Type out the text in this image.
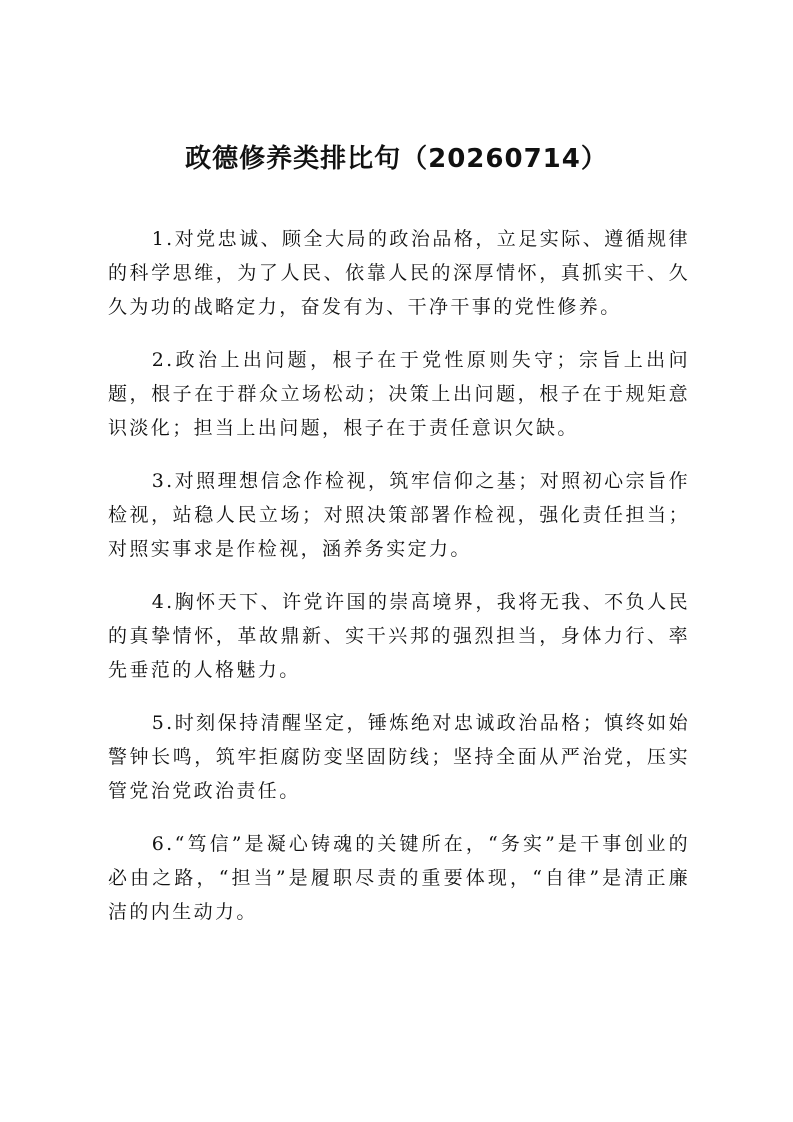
政德修养类排比句（20260714）

1.对党忠诚、顾全大局的政治品格，立足实际、遵循规律的科学思维，为了人民、依靠人民的深厚情怀，真抓实干、久久为功的战略定力，奋发有为、干净干事的党性修养。

2.政治上出问题，根子在于党性原则失守；宗旨上出问题，根子在于群众立场松动；决策上出问题，根子在于规矩意识淡化；担当上出问题，根子在于责任意识欠缺。

3.对照理想信念作检视，筑牢信仰之基；对照初心宗旨作检视，站稳人民立场；对照决策部署作检视，强化责任担当；对照实事求是作检视，涵养务实定力。

4.胸怀天下、许党许国的崇高境界，我将无我、不负人民的真挚情怀，革故鼎新、实干兴邦的强烈担当，身体力行、率先垂范的人格魅力。

5.时刻保持清醒坚定，锤炼绝对忠诚政治品格；慎终如始警钟长鸣，筑牢拒腐防变坚固防线；坚持全面从严治党，压实管党治党政治责任。

6.“笃信”是凝心铸魂的关键所在，“务实”是干事创业的必由之路，“担当”是履职尽责的重要体现，“自律”是清正廉洁的内生动力。
